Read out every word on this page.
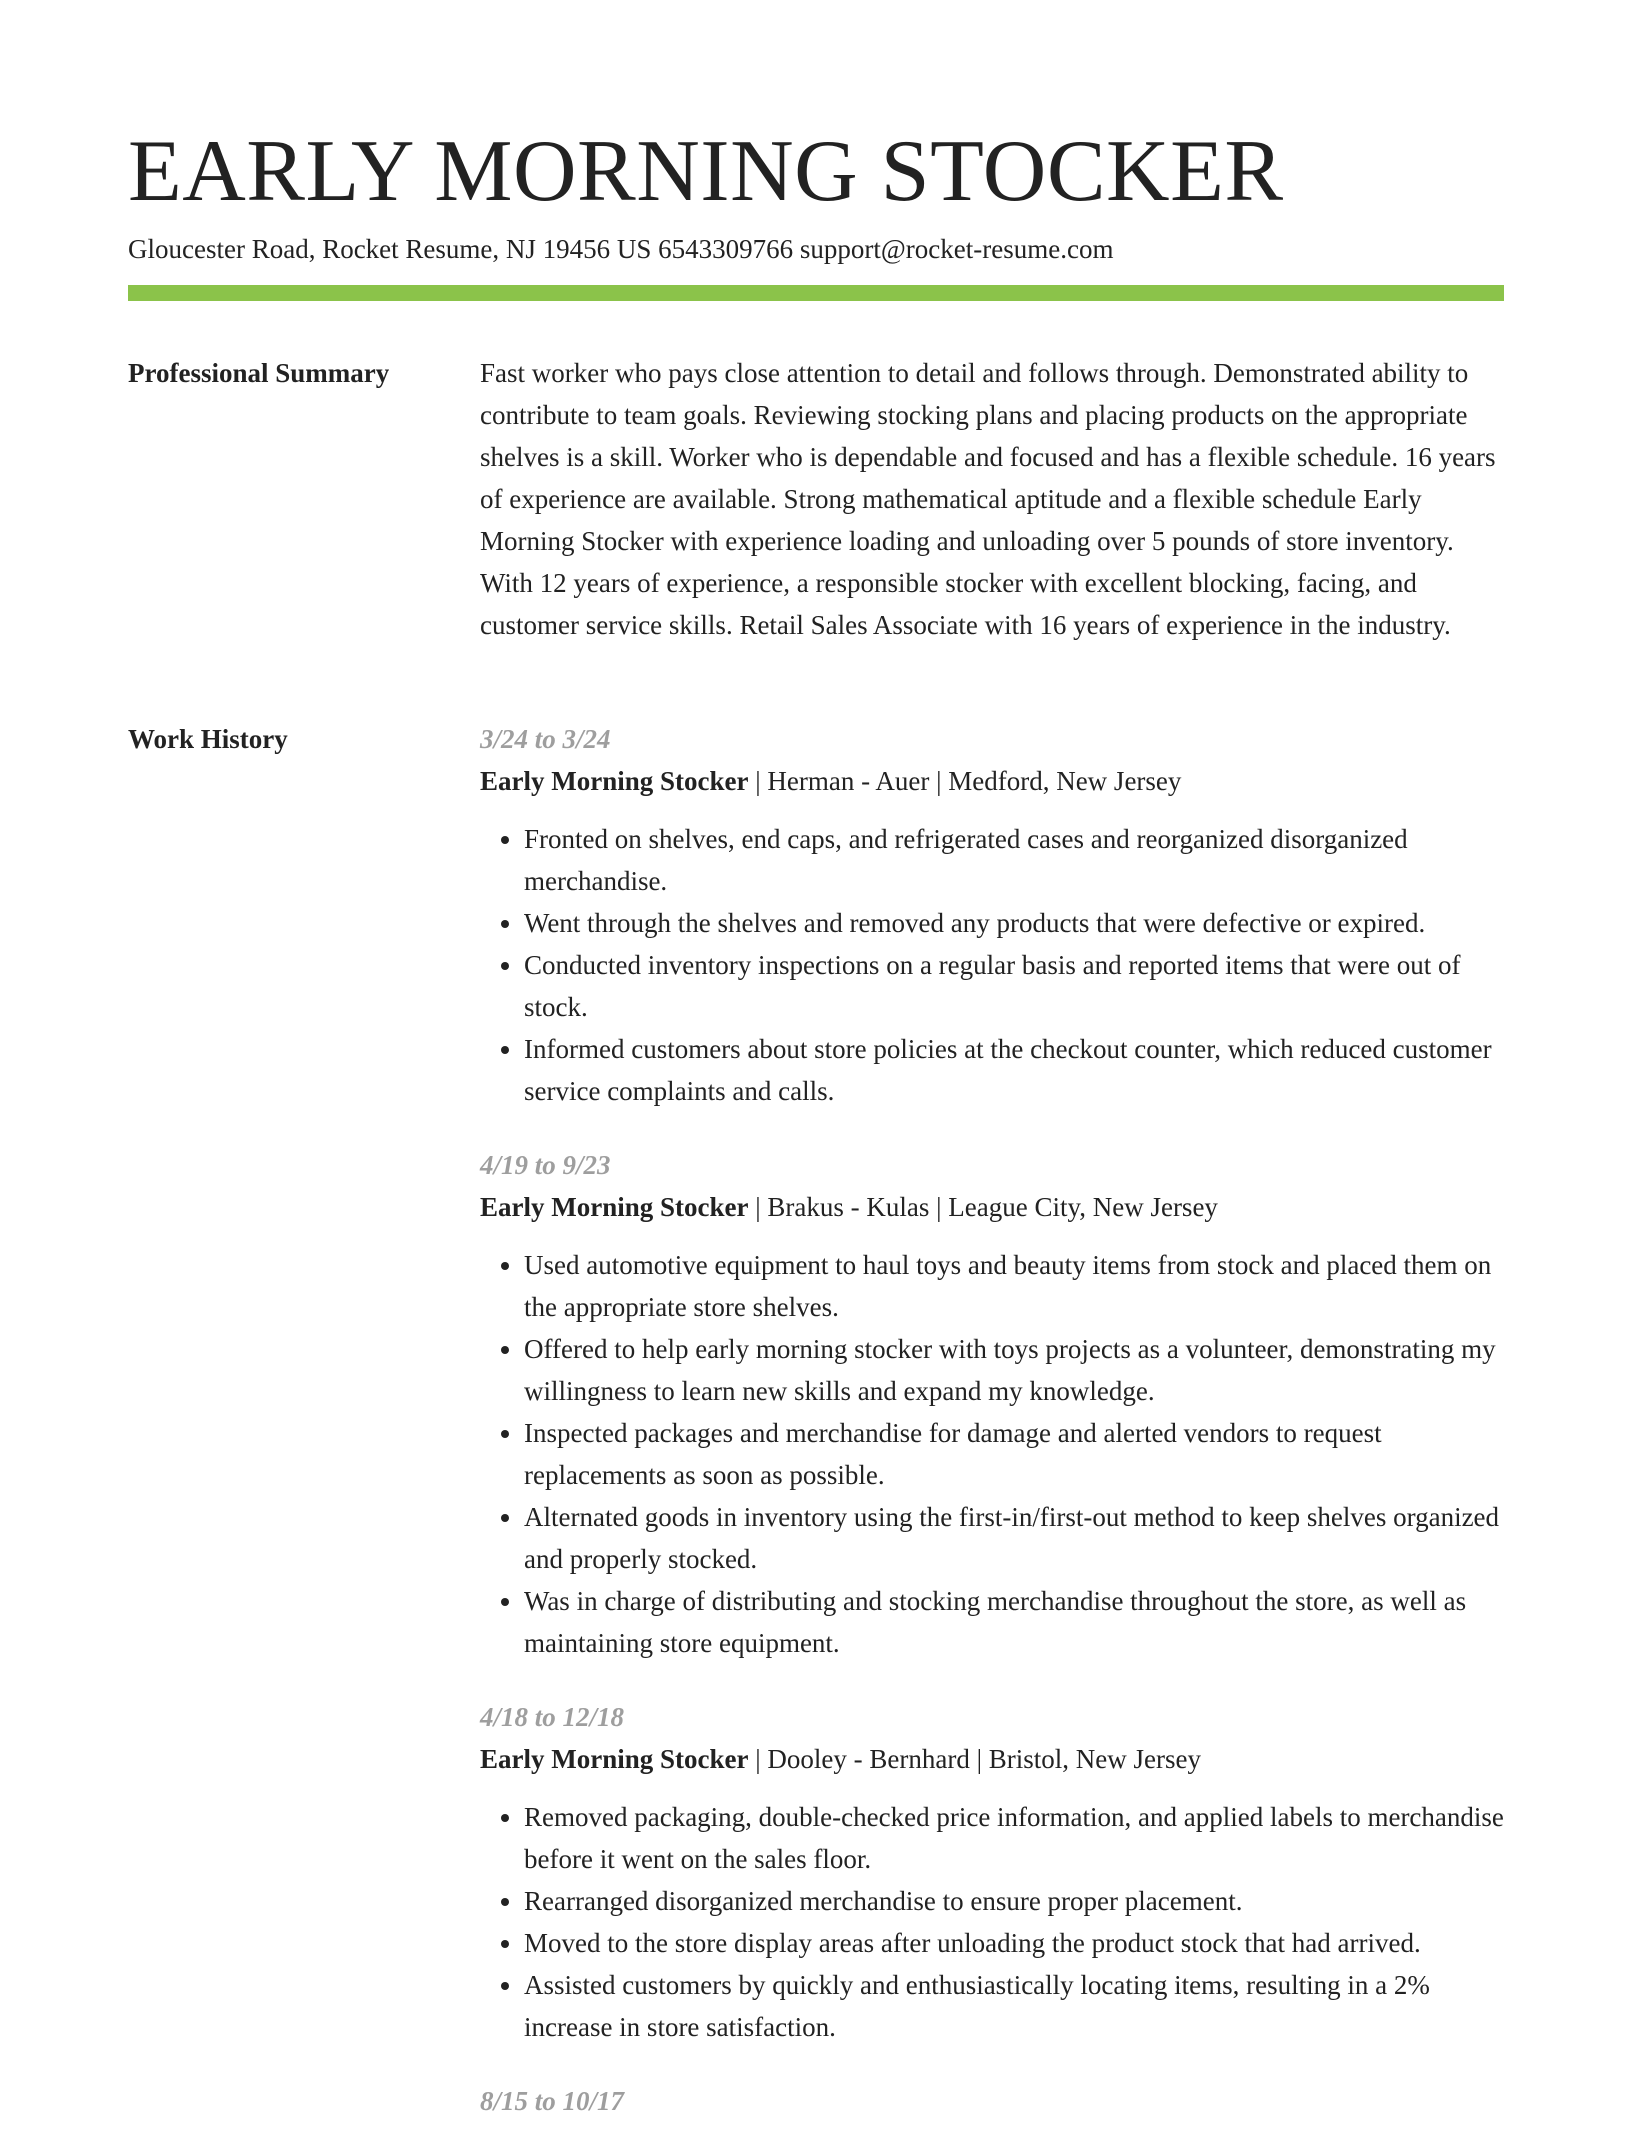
EARLY MORNING STOCKER
Gloucester Road, Rocket Resume, NJ 19456 US 6543309766 support@rocket-resume.com
Professional Summary	Fast worker who pays close attention to detail and follows through. Demonstrated ability to contribute to team goals. Reviewing stocking plans and placing products on the appropriate shelves is a skill. Worker who is dependable and focused and has a flexible schedule. 16 years of experience are available. Strong mathematical aptitude and a flexible schedule Early Morning Stocker with experience loading and unloading over 5 pounds of store inventory. With 12 years of experience, a responsible stocker with excellent blocking, facing, and customer service skills. Retail Sales Associate with 16 years of experience in the industry.

Work History	3/24 to 3/24
Early Morning Stocker | Herman - Auer | Medford, New Jersey
• Fronted on shelves, end caps, and refrigerated cases and reorganized disorganized merchandise.
• Went through the shelves and removed any products that were defective or expired.
• Conducted inventory inspections on a regular basis and reported items that were out of stock.
• Informed customers about store policies at the checkout counter, which reduced customer service complaints and calls.
4/19 to 9/23
Early Morning Stocker | Brakus - Kulas | League City, New Jersey
• Used automotive equipment to haul toys and beauty items from stock and placed them on the appropriate store shelves.
• Offered to help early morning stocker with toys projects as a volunteer, demonstrating my willingness to learn new skills and expand my knowledge.
• Inspected packages and merchandise for damage and alerted vendors to request replacements as soon as possible.
• Alternated goods in inventory using the first-in/first-out method to keep shelves organized and properly stocked.
• Was in charge of distributing and stocking merchandise throughout the store, as well as maintaining store equipment.
4/18 to 12/18
Early Morning Stocker | Dooley - Bernhard | Bristol, New Jersey
• Removed packaging, double-checked price information, and applied labels to merchandise before it went on the sales floor.
• Rearranged disorganized merchandise to ensure proper placement.
• Moved to the store display areas after unloading the product stock that had arrived.
• Assisted customers by quickly and enthusiastically locating items, resulting in a 2% increase in store satisfaction.
8/15 to 10/17
